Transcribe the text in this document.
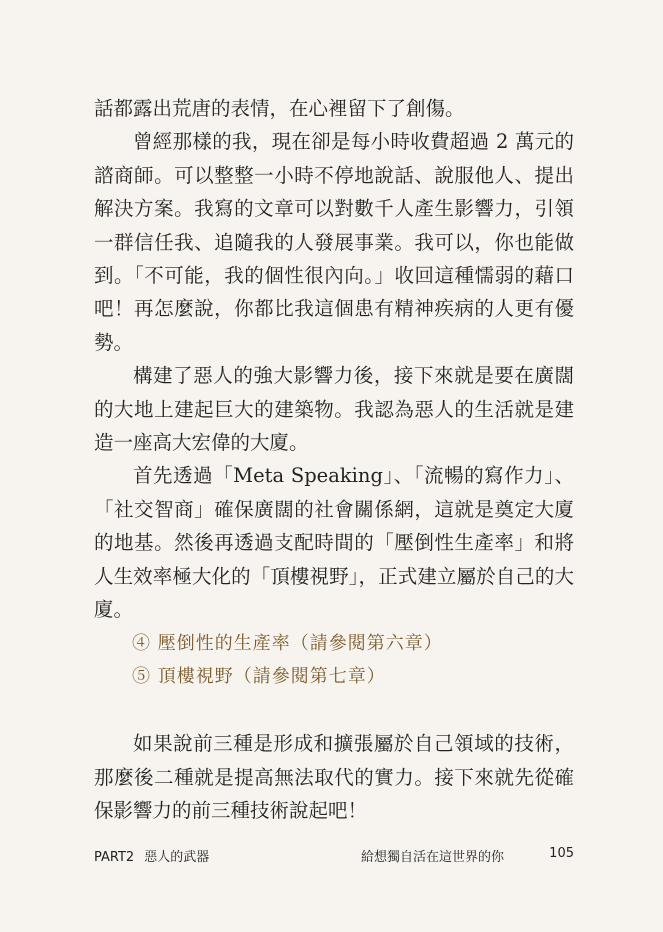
話都露出荒唐的表情，在心裡留下了創傷。

曾經那樣的我，現在卻是每小時收費超過 2 萬元的諮商師。可以整整一小時不停地說話、說服他人、提出解決方案。我寫的文章可以對數千人產生影響力，引領一群信任我、追隨我的人發展事業。我可以，你也能做到。「不可能，我的個性很內向。」收回這種懦弱的藉口吧！再怎麼說，你都比我這個患有精神疾病的人更有優勢。

構建了惡人的強大影響力後，接下來就是要在廣闊的大地上建起巨大的建築物。我認為惡人的生活就是建造一座高大宏偉的大廈。

首先透過「Meta Speaking」、「流暢的寫作力」、「社交智商」確保廣闊的社會關係網，這就是奠定大廈的地基。然後再透過支配時間的「壓倒性生產率」和將人生效率極大化的「頂樓視野」，正式建立屬於自己的大廈。

④ 壓倒性的生產率（請參閱第六章）

⑤ 頂樓視野（請參閱第七章）

如果說前三種是形成和擴張屬於自己領域的技術，那麼後二種就是提高無法取代的實力。接下來就先從確保影響力的前三種技術說起吧！

PART2 惡人的武器	給想獨自活在這世界的你	105
